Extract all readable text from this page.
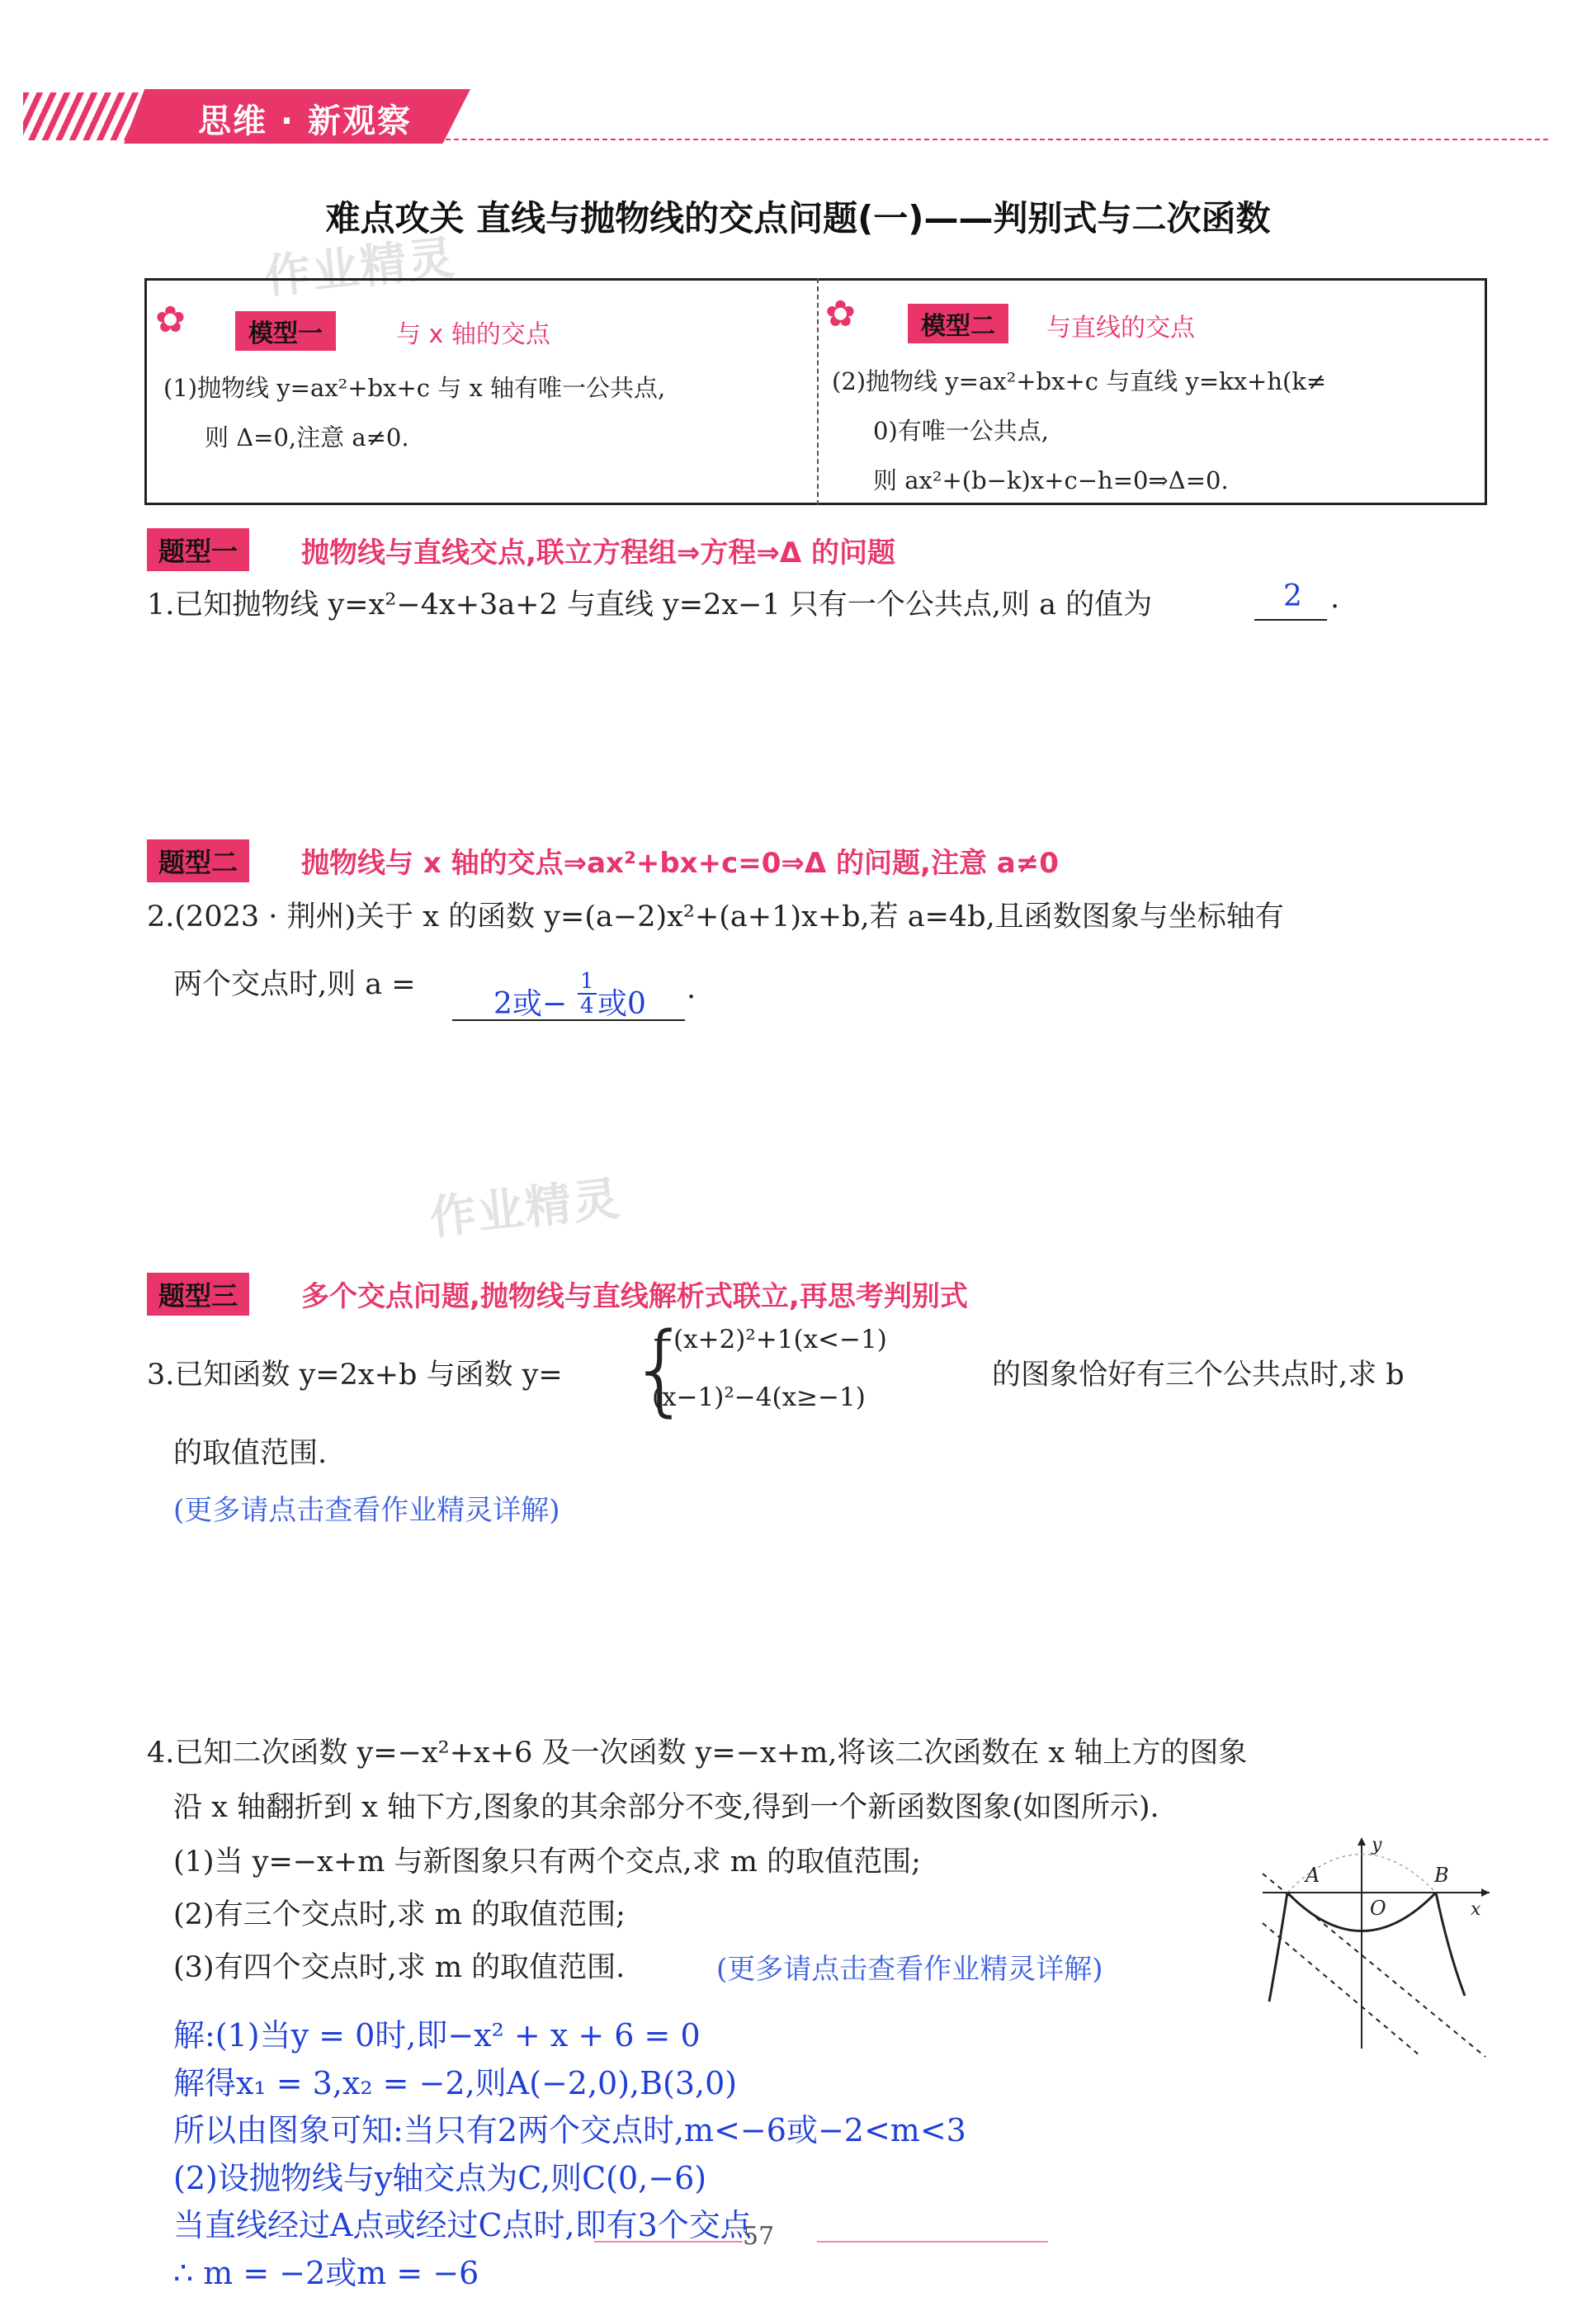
思维 · 新观察
难点攻关 直线与抛物线的交点问题(一)——判别式与二次函数
作业精灵
作业精灵
✿	模型一	与 x 轴的交点
(1)抛物线 y=ax²+bx+c 与 x 轴有唯一公共点,
则 Δ=0,注意 a≠0.
✿	模型二	与直线的交点
(2)抛物线 y=ax²+bx+c 与直线 y=kx+h(k≠
0)有唯一公共点,
则 ax²+(b−k)x+c−h=0⇒Δ=0.
题型一	抛物线与直线交点,联立方程组⇒方程⇒Δ 的问题
1.已知抛物线 y=x²−4x+3a+2 与直线 y=2x−1 只有一个公共点,则 a 的值为	2 .
题型二	抛物线与 x 轴的交点⇒ax²+bx+c=0⇒Δ 的问题,注意 a≠0
2.(2023 · 荆州)关于 x 的函数 y=(a−2)x²+(a+1)x+b,若 a=4b,且函数图象与坐标轴有
两个交点时,则 a =
2或− $\frac{1}{4}$ 或0 .
题型三	多个交点问题,抛物线与直线解析式联立,再思考判别式
3.已知函数 y=2x+b 与函数 y= {
−(x+2)²+1(x<−1)
(x−1)²−4(x≥−1)
的图象恰好有三个公共点时,求 b
的取值范围.
(更多请点击查看作业精灵详解)
4.已知二次函数 y=−x²+x+6 及一次函数 y=−x+m,将该二次函数在 x 轴上方的图象
沿 x 轴翻折到 x 轴下方,图象的其余部分不变,得到一个新函数图象(如图所示).
(1)当 y=−x+m 与新图象只有两个交点,求 m 的取值范围;
(2)有三个交点时,求 m 的取值范围;
(3)有四个交点时,求 m 的取值范围.	(更多请点击查看作业精灵详解)
A	B
O	x
y
解:(1)当y = 0时,即−x² + x + 6 = 0
解得x₁ = 3,x₂ = −2,则A(−2,0),B(3,0)
所以由图象可知:当只有2两个交点时,m<−6或−2<m<3
(2)设抛物线与y轴交点为C,则C(0,−6)
当直线经过A点或经过C点时,即有3个交点
∴ m = −2或m = −6
57
